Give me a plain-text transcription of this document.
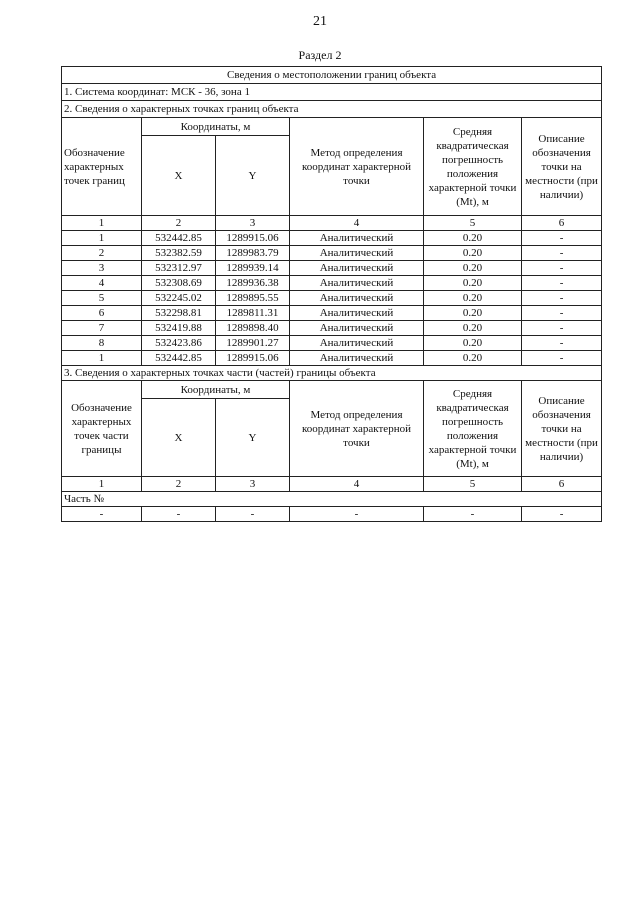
21
Раздел 2
Сведения о местоположении границ объекта					
1. Система координат: МСК - 36, зона 1					
2. Сведения о характерных точках границ объекта					
Обозначение характерных точек границ	Координаты, м		Метод определения координат характерной точки	Средняя квадратическая погрешность положения характерной точки (Мt), м	Описание обозначения точки на местности (при наличии)
	X	Y			
1	2	3	4	5	6
1	532442.85	1289915.06	Аналитический	0.20	-
2	532382.59	1289983.79	Аналитический	0.20	-
3	532312.97	1289939.14	Аналитический	0.20	-
4	532308.69	1289936.38	Аналитический	0.20	-
5	532245.02	1289895.55	Аналитический	0.20	-
6	532298.81	1289811.31	Аналитический	0.20	-
7	532419.88	1289898.40	Аналитический	0.20	-
8	532423.86	1289901.27	Аналитический	0.20	-
1	532442.85	1289915.06	Аналитический	0.20	-
3. Сведения о характерных точках части (частей) границы объекта					
Обозначение характерных точек части границы	Координаты, м		Метод определения координат характерной точки	Средняя квадратическая погрешность положения характерной точки (Мt), м	Описание обозначения точки на местности (при наличии)
	X	Y			
1	2	3	4	5	6
Часть №					
-	-	-	-	-	-
